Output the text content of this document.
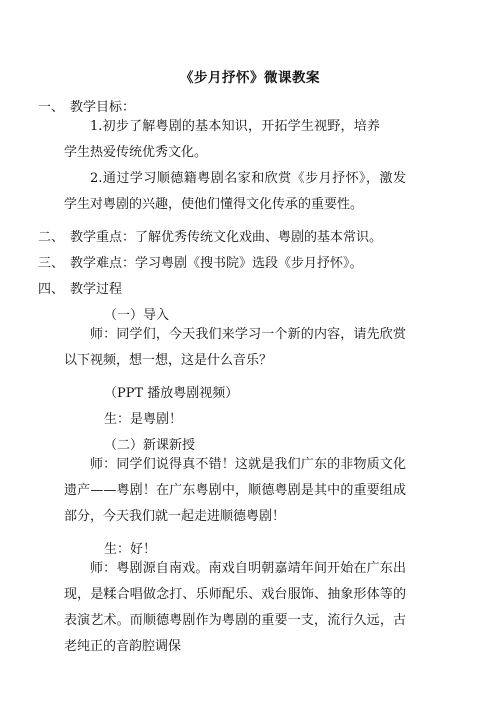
《步月抒怀》微课教案
一、 教学目标：
1.初步了解粤剧的基本知识，开拓学生视野，培养学生热爱传统优秀文化。
2.通过学习顺德籍粤剧名家和欣赏《步月抒怀》，激发学生对粤剧的兴趣，使他们懂得文化传承的重要性。
二、 教学重点：了解优秀传统文化戏曲、粤剧的基本常识。
三、 教学难点：学习粤剧《搜书院》选段《步月抒怀》。
四、 教学过程
（一）导入
师：同学们，今天我们来学习一个新的内容，请先欣赏以下视频，想一想，这是什么音乐？
（PPT 播放粤剧视频）
生：是粤剧！
（二）新课新授
师：同学们说得真不错！这就是我们广东的非物质文化遗产——粤剧！在广东粤剧中，顺德粤剧是其中的重要组成部分，今天我们就一起走进顺德粤剧！
生：好！
师：粤剧源自南戏。南戏自明朝嘉靖年间开始在广东出现，是糅合唱做念打、乐师配乐、戏台服饰、抽象形体等的表演艺术。而顺德粤剧作为粤剧的重要一支，流行久远，古老纯正的音韵腔调保
